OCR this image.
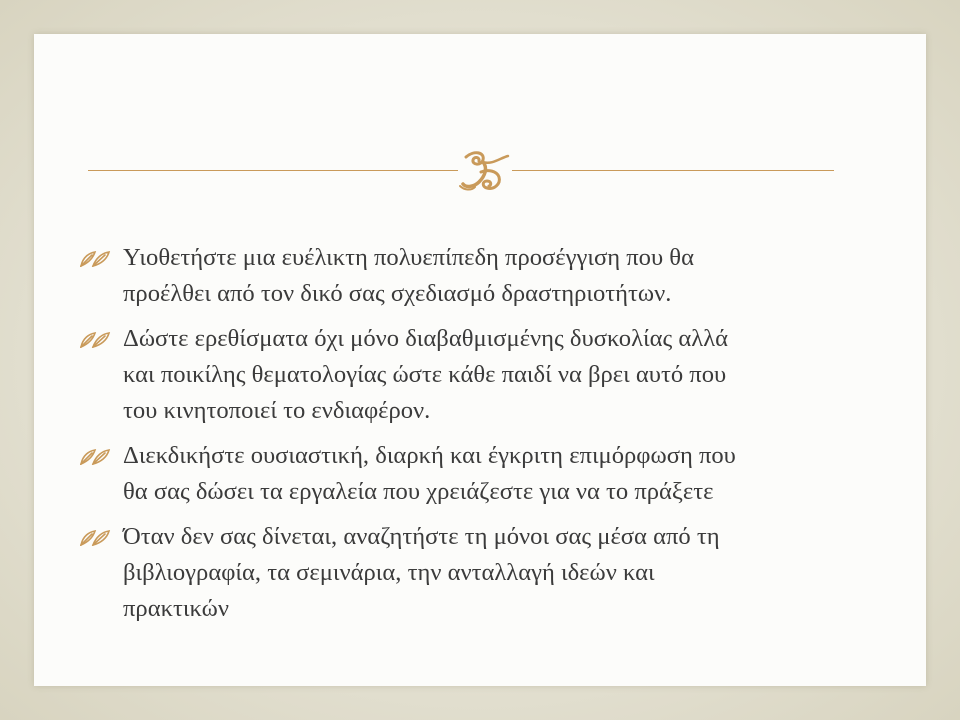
Υιοθετήστε μια ευέλικτη πολυεπίπεδη προσέγγιση που θα
προέλθει από τον δικό σας σχεδιασμό δραστηριοτήτων.
Δώστε ερεθίσματα όχι μόνο διαβαθμισμένης δυσκολίας αλλά
και ποικίλης θεματολογίας ώστε κάθε παιδί να βρει αυτό που
του κινητοποιεί το ενδιαφέρον.
Διεκδικήστε ουσιαστική, διαρκή και έγκριτη επιμόρφωση που
θα σας δώσει τα εργαλεία που χρειάζεστε για να το πράξετε
Όταν δεν σας δίνεται, αναζητήστε τη μόνοι σας μέσα από τη
βιβλιογραφία, τα σεμινάρια, την ανταλλαγή ιδεών και
πρακτικών
